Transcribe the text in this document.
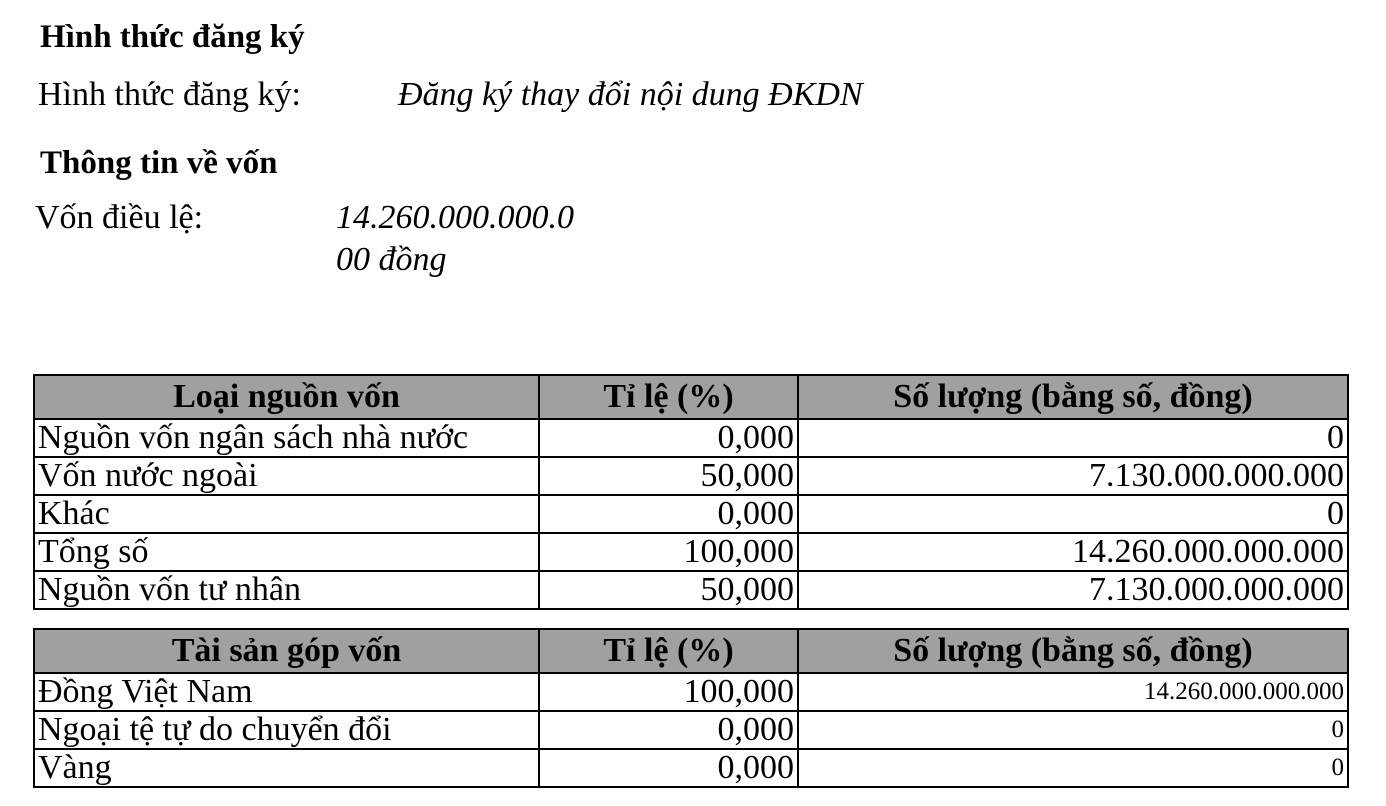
Hình thức đăng ký
Hình thức đăng ký:	Đăng ký thay đổi nội dung ĐKDN
Thông tin về vốn
Vốn điều lệ:	14.260.000.000.0
00 đồng
Loại nguồn vốn	Tỉ lệ (%)	Số lượng (bằng số, đồng)
Nguồn vốn ngân sách nhà nước	0,000	0
Vốn nước ngoài	50,000	7.130.000.000.000
Khác	0,000	0
Tổng số	100,000	14.260.000.000.000
Nguồn vốn tư nhân	50,000	7.130.000.000.000
Tài sản góp vốn	Tỉ lệ (%)	Số lượng (bằng số, đồng)
Đồng Việt Nam	100,000	14.260.000.000.000
Ngoại tệ tự do chuyển đổi	0,000	0
Vàng	0,000	0
